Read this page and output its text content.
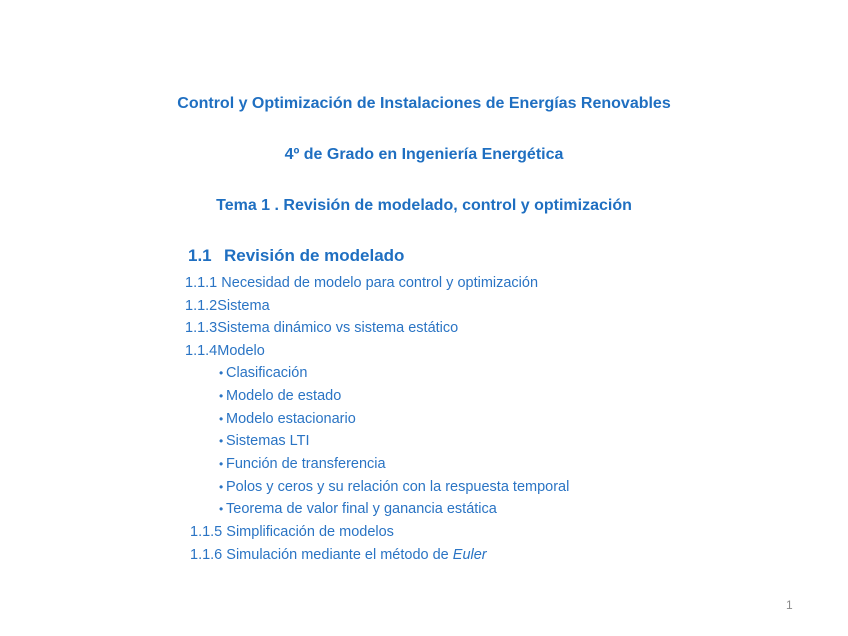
Control y Optimización de Instalaciones de Energías Renovables
4º de Grado en Ingeniería Energética
Tema 1 . Revisión de modelado, control y optimización
1.1 Revisión de modelado
1.1.1 Necesidad de modelo para control y optimización
1.1.2Sistema
1.1.3Sistema dinámico vs sistema estático
1.1.4Modelo
• Clasificación
• Modelo de estado
• Modelo estacionario
• Sistemas LTI
• Función de transferencia
• Polos y ceros y su relación con la respuesta temporal
• Teorema de valor final y ganancia estática
1.1.5 Simplificación de modelos
1.1.6 Simulación mediante el método de Euler
1
